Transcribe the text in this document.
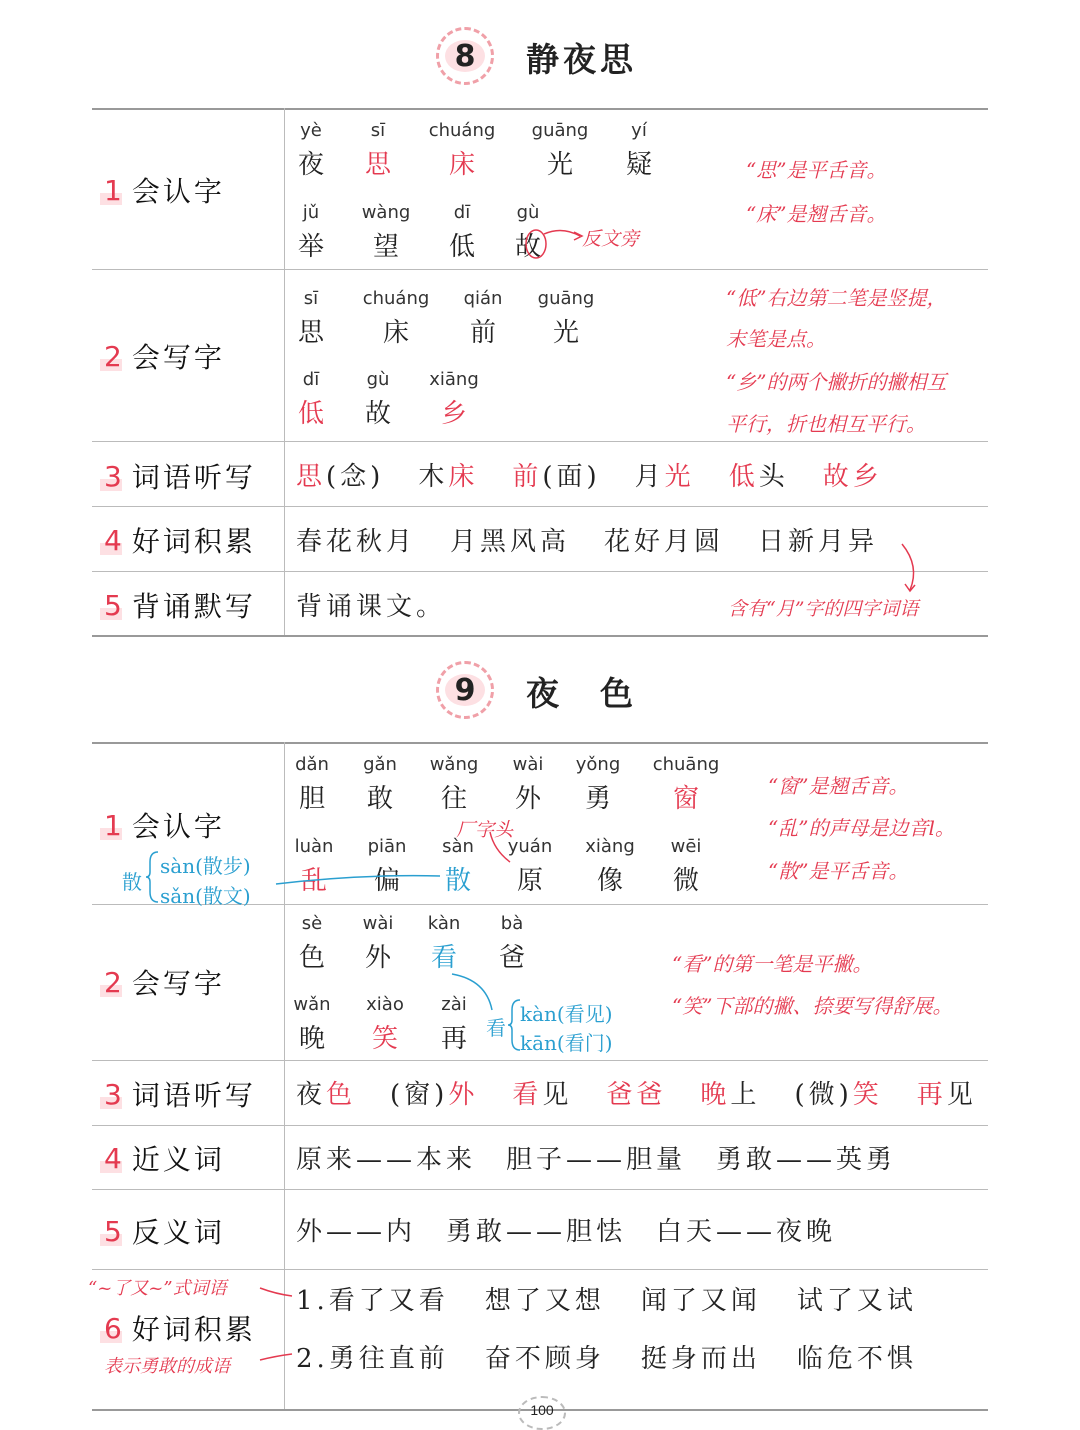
8 静夜思
1 会认字
2 会写字
3 词语听写
4 好词积累
5 背诵默写
yè
夜
sī
思
chuáng
床
guāng
光
yí
疑
jǔ
举
wàng
望
dī
低
gù
故
“思”是平舌音。
“床”是翘舌音。
反文旁
sī
思
chuáng
床
qián
前
guāng
光
dī
低
gù
故
xiāng
乡
“低”右边第二笔是竖提，
末笔是点。
“乡”的两个撇折的撇相互
平行，折也相互平行。
思(念) 木床 前(面) 月光 低头 故乡
春花秋月 月黑风高 花好月圆 日新月异
含有“月”字的四字词语
背诵课文。
9 夜　色
1 会认字
2 会写字
3 词语听写
4 近义词
5 反义词
6 好词积累
dǎn
胆
gǎn
敢
wǎng
往
wài
外
yǒng
勇
chuāng
窗
luàn
乱
piān
偏
sàn
散
yuán
原
xiàng
像
wēi
微
“窗”是翘舌音。
“乱”的声母是边音l。
“散”是平舌音。
厂字头
散
sàn(散步)
sǎn(散文)
sè
色
wài
外
kàn
看
bà
爸
wǎn
晚
xiào
笑
zài
再 看
kàn(看见)
kān(看门)
“看”的第一笔是平撇。
“笑”下部的撇、捺要写得舒展。
夜色 (窗)外 看见 爸爸 晚上 (微)笑 再见
原来——本来 胆子——胆量 勇敢——英勇
外——内 勇敢——胆怯 白天——夜晚
“~了又~”式词语
表示勇敢的成语
1.看了又看 想了又想 闻了又闻 试了又试
2.勇往直前 奋不顾身 挺身而出 临危不惧
100
